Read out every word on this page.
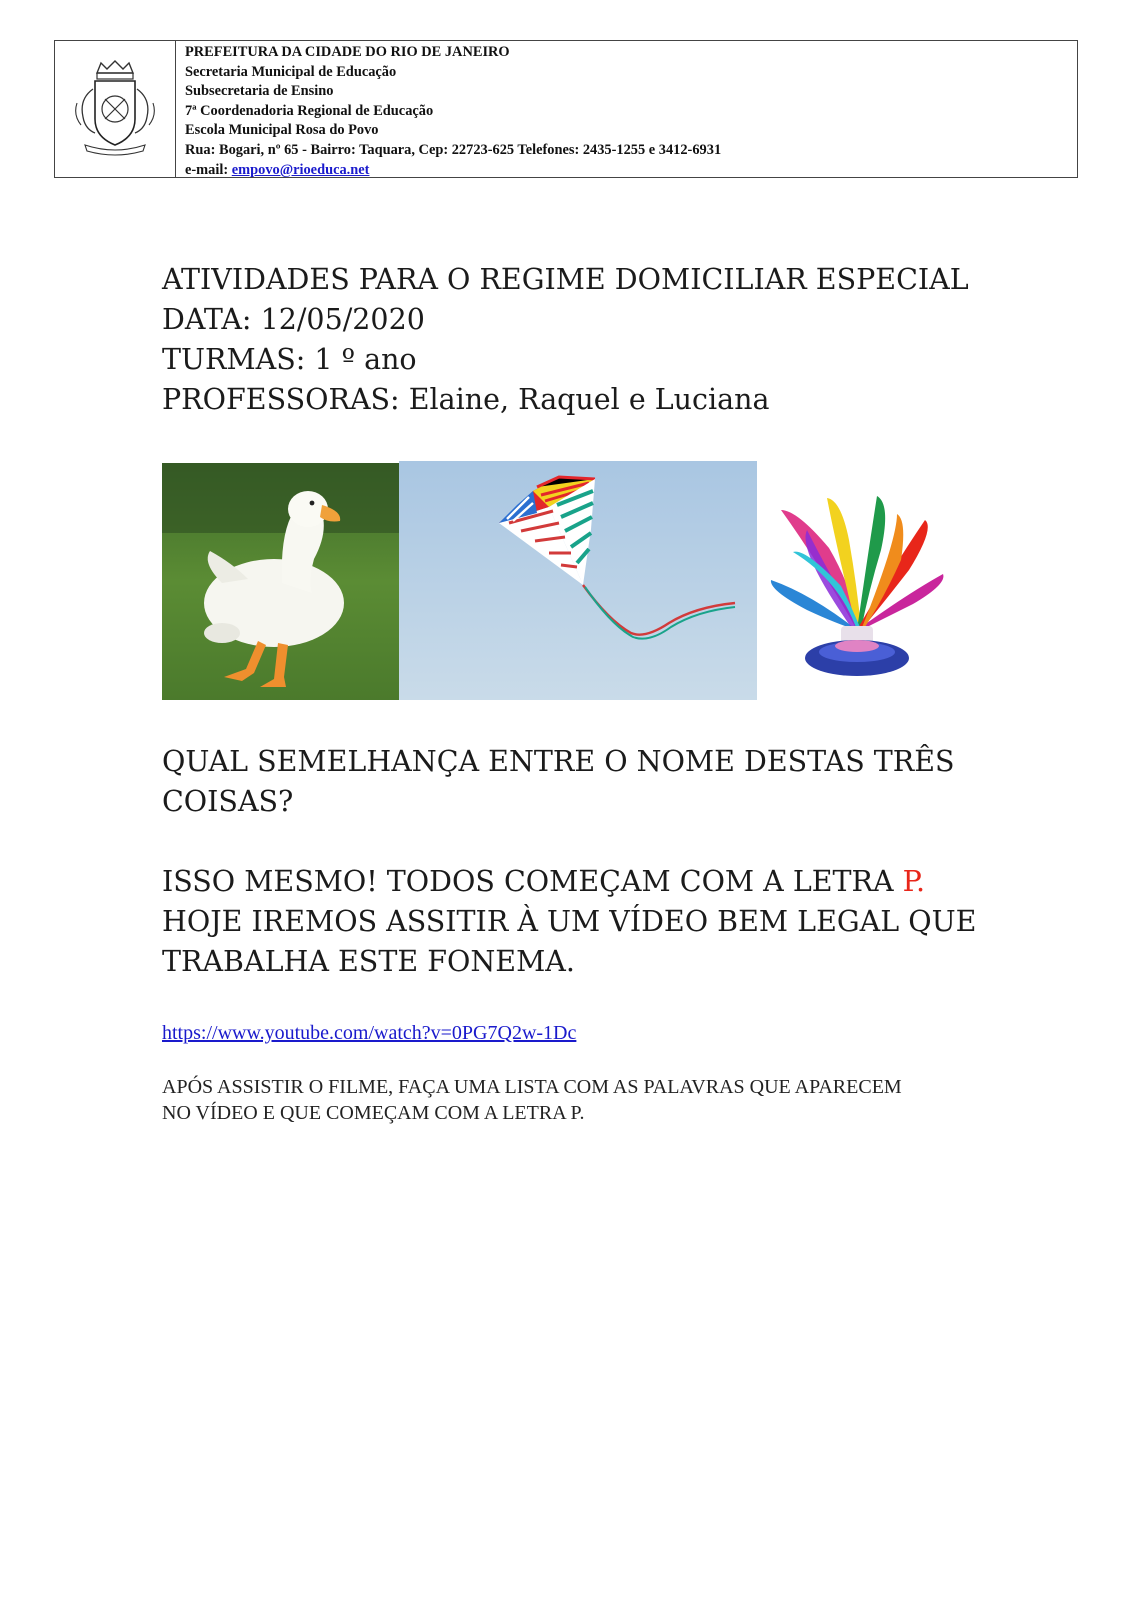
PREFEITURA DA CIDADE DO RIO DE JANEIRO
Secretaria Municipal de Educação
Subsecretaria de Ensino
7ª Coordenadoria Regional de Educação
Escola Municipal Rosa do Povo
Rua: Bogari, nº 65 - Bairro: Taquara, Cep: 22723-625 Telefones: 2435-1255 e 3412-6931
e-mail: empovo@rioeduca.net
ATIVIDADES PARA O REGIME DOMICILIAR ESPECIAL
DATA: 12/05/2020
TURMAS: 1 º ano
PROFESSORAS: Elaine, Raquel e Luciana
QUAL SEMELHANÇA ENTRE O NOME DESTAS TRÊS COISAS?
ISSO MESMO! TODOS COMEÇAM COM A LETRA P.
HOJE IREMOS ASSITIR À UM VÍDEO BEM LEGAL QUE TRABALHA ESTE FONEMA.
https://www.youtube.com/watch?v=0PG7Q2w-1Dc
APÓS ASSISTIR O FILME, FAÇA UMA LISTA COM AS PALAVRAS QUE APARECEM NO VÍDEO E QUE COMEÇAM COM A LETRA P.
